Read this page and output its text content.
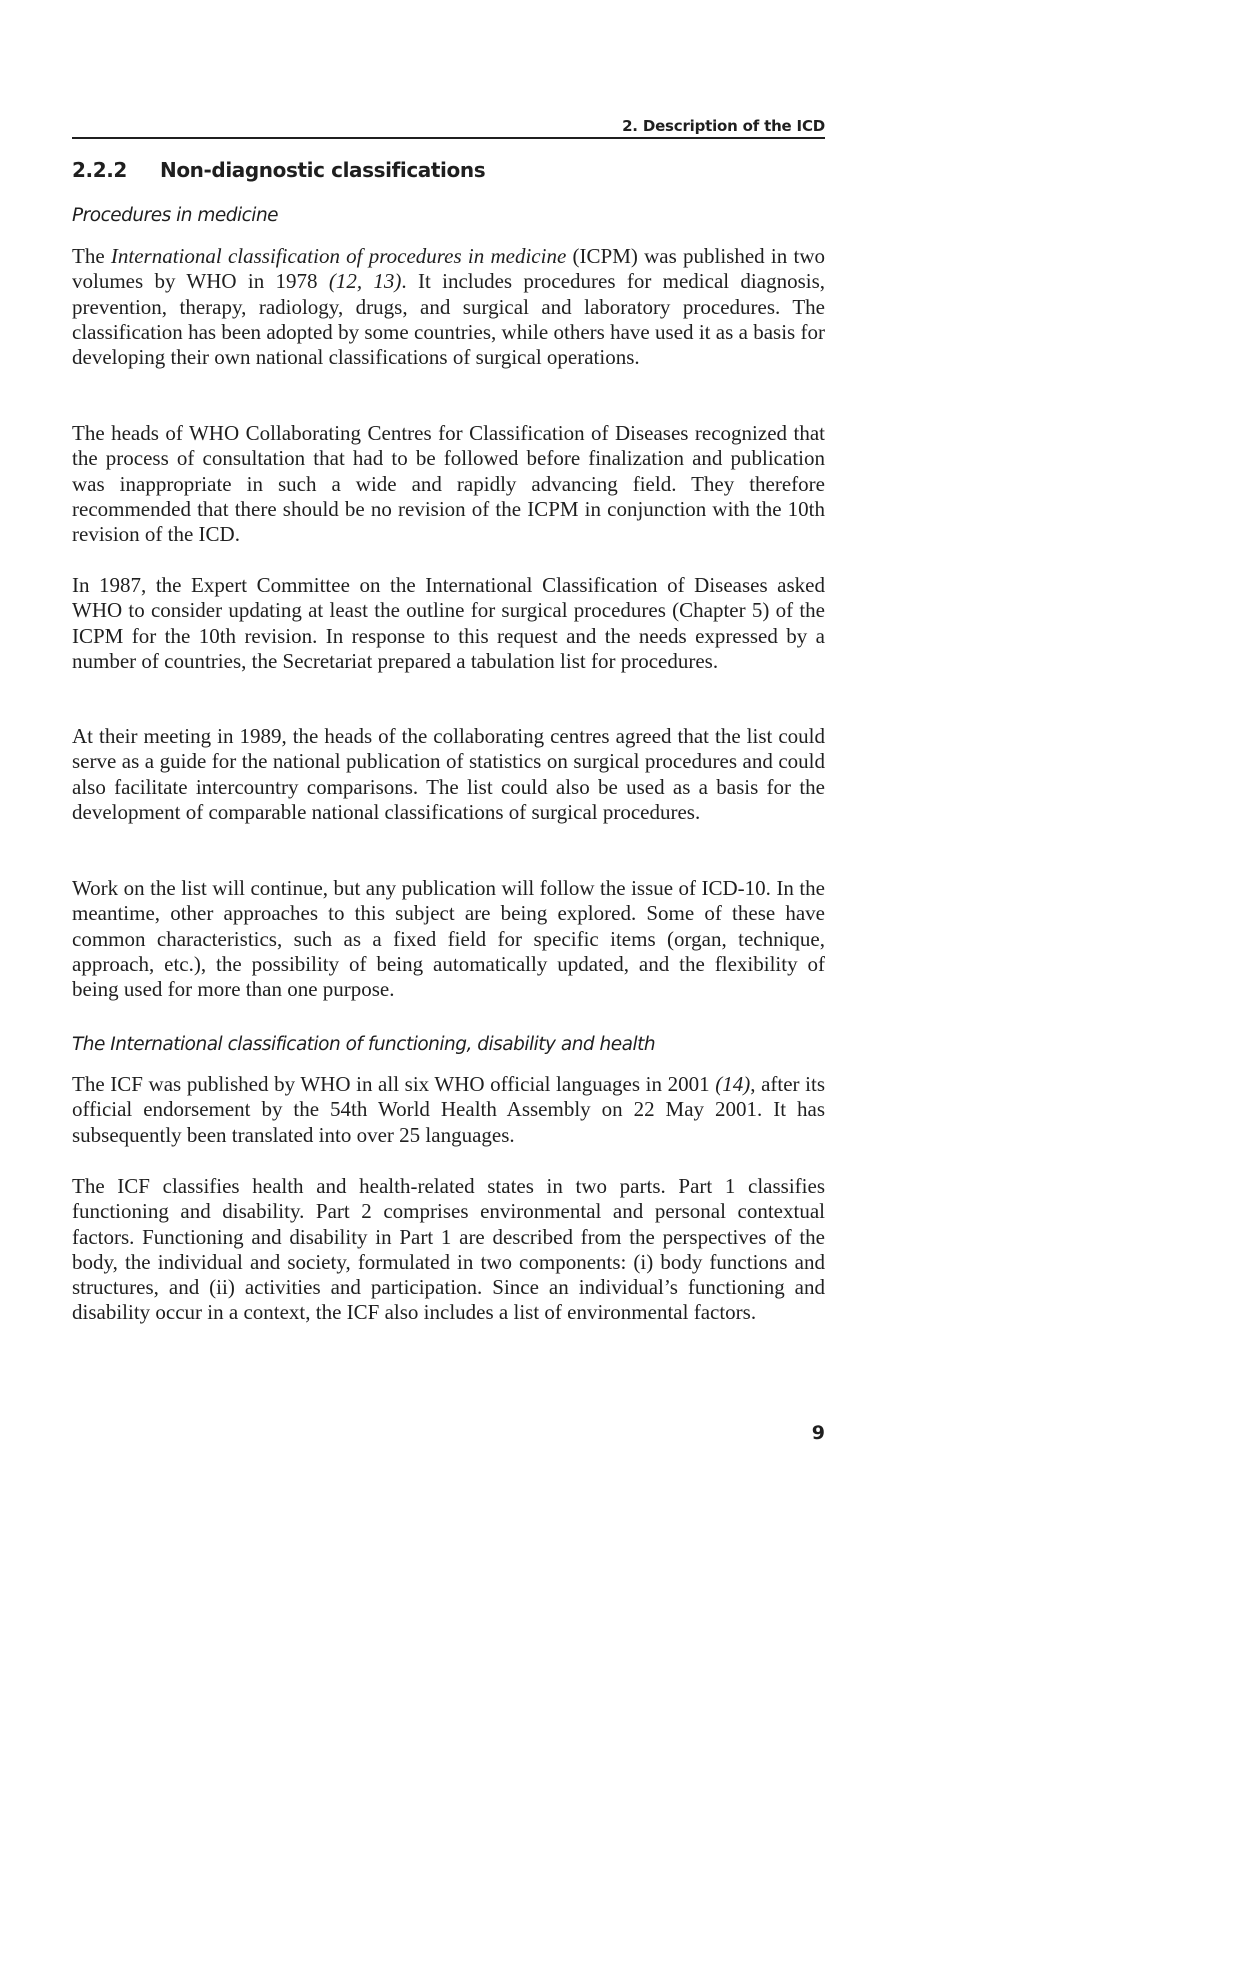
2. Description of the ICD
2.2.2 Non-diagnostic classifications
Procedures in medicine

The International classification of procedures in medicine (ICPM) was published in two volumes by WHO in 1978 (12, 13). It includes procedures for medical diagnosis, prevention, therapy, radiology, drugs, and surgical and laboratory procedures. The classification has been adopted by some countries, while others have used it as a basis for developing their own national classifications of surgical operations.

The heads of WHO Collaborating Centres for Classification of Diseases recognized that the process of consultation that had to be followed before finalization and publication was inappropriate in such a wide and rapidly advancing field. They therefore recommended that there should be no revision of the ICPM in conjunction with the 10th revision of the ICD.

In 1987, the Expert Committee on the International Classification of Diseases asked WHO to consider updating at least the outline for surgical procedures (Chapter 5) of the ICPM for the 10th revision. In response to this request and the needs expressed by a number of countries, the Secretariat prepared a tabulation list for procedures.

At their meeting in 1989, the heads of the collaborating centres agreed that the list could serve as a guide for the national publication of statistics on surgical procedures and could also facilitate intercountry comparisons. The list could also be used as a basis for the development of comparable national classifications of surgical procedures.

Work on the list will continue, but any publication will follow the issue of ICD-10. In the meantime, other approaches to this subject are being explored. Some of these have common characteristics, such as a fixed field for specific items (organ, technique, approach, etc.), the possibility of being automatically updated, and the flexibility of being used for more than one purpose.

The International classification of functioning, disability and health

The ICF was published by WHO in all six WHO official languages in 2001 (14), after its official endorsement by the 54th World Health Assembly on 22 May 2001. It has subsequently been translated into over 25 languages.

The ICF classifies health and health-related states in two parts. Part 1 classifies functioning and disability. Part 2 comprises environmental and personal contextual factors. Functioning and disability in Part 1 are described from the perspectives of the body, the individual and society, formulated in two components: (i) body functions and structures, and (ii) activities and participation. Since an individual’s functioning and disability occur in a context, the ICF also includes a list of environmental factors.

9
